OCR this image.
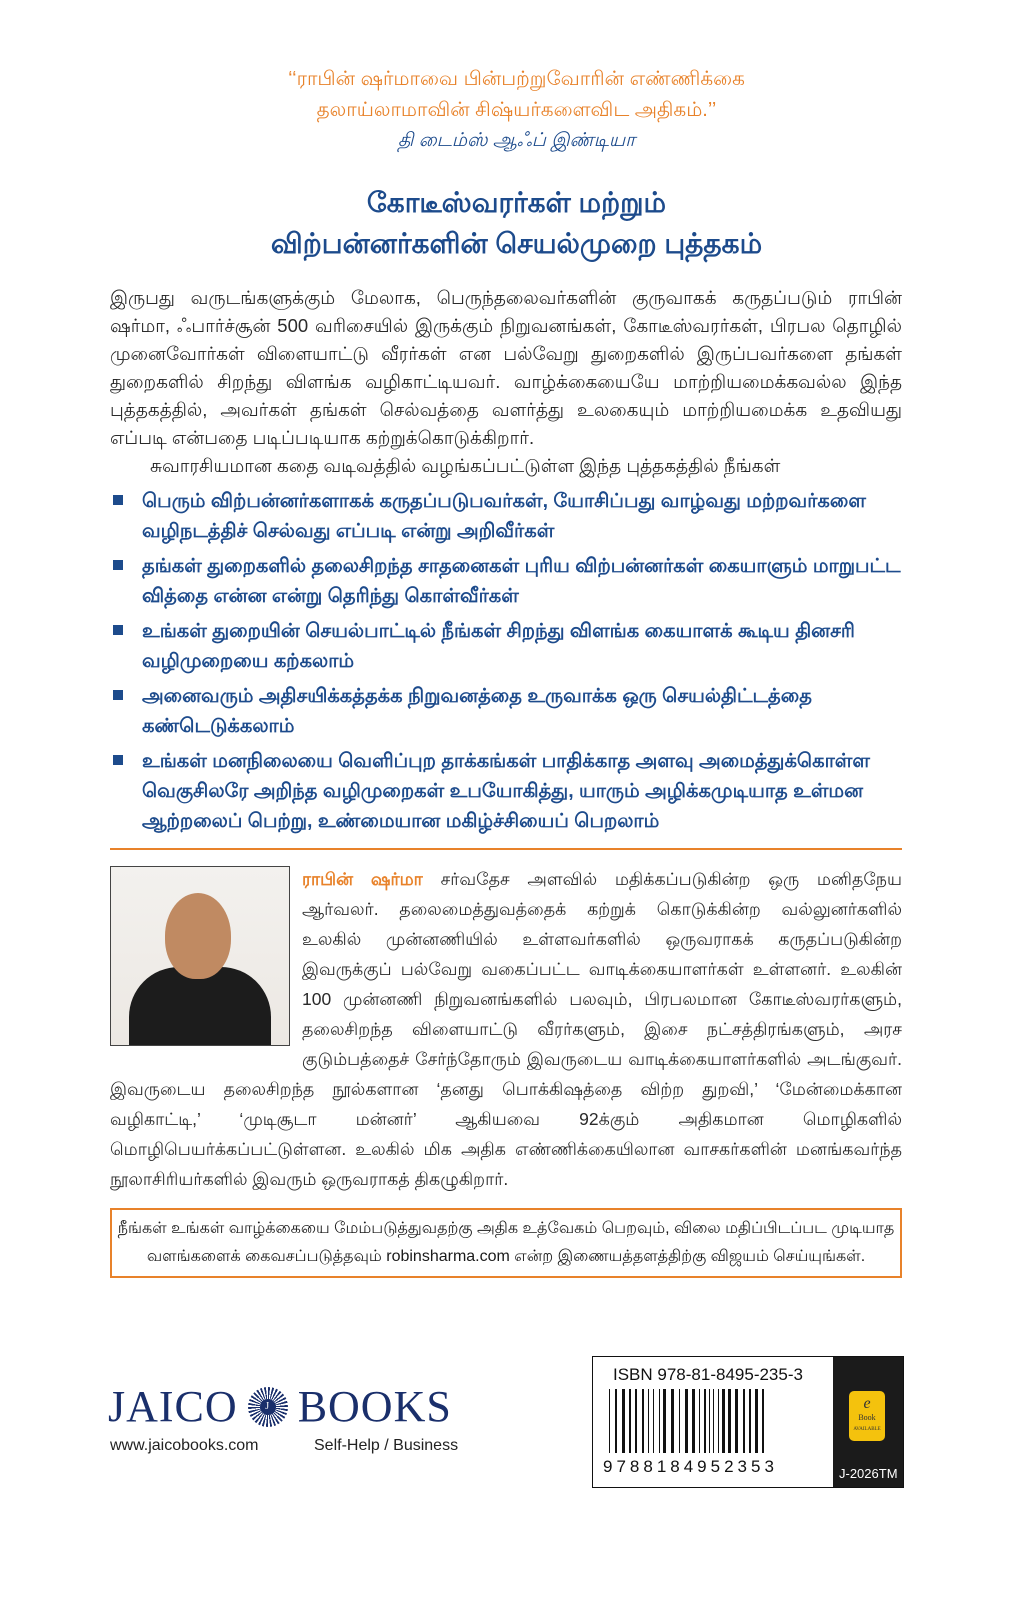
‘‘ராபின் ஷர்மாவை பின்பற்றுவோரின் எண்ணிக்கை
தலாய்லாமாவின் சிஷ்யர்களைவிட அதிகம்.’’
தி டைம்ஸ் ஆஃப் இண்டியா
கோடீஸ்வரர்கள் மற்றும்
விற்பன்னர்களின் செயல்முறை புத்தகம்

இருபது வருடங்களுக்கும் மேலாக, பெருந்தலைவர்களின் குருவாகக் கருதப்படும் ராபின் ஷர்மா, ஃபார்ச்சூன் 500 வரிசையில் இருக்கும் நிறுவனங்கள், கோடீஸ்வரர்கள், பிரபல தொழில் முனைவோர்கள் விளையாட்டு வீரர்கள் என பல்வேறு துறைகளில் இருப்பவர்களை தங்கள் துறைகளில் சிறந்து விளங்க வழிகாட்டியவர். வாழ்க்கையையே மாற்றியமைக்கவல்ல இந்த புத்தகத்தில், அவர்கள் தங்கள் செல்வத்தை வளர்த்து உலகையும் மாற்றியமைக்க உதவியது எப்படி என்பதை படிப்படியாக கற்றுக்கொடுக்கிறார்.

சுவாரசியமான கதை வடிவத்தில் வழங்கப்பட்டுள்ள இந்த புத்தகத்தில் நீங்கள்

பெரும் விற்பன்னர்களாகக் கருதப்படுபவர்கள், யோசிப்பது வாழ்வது மற்றவர்களை வழிநடத்திச் செல்வது எப்படி என்று அறிவீர்கள்
தங்கள் துறைகளில் தலைசிறந்த சாதனைகள் புரிய விற்பன்னர்கள் கையாளும் மாறுபட்ட வித்தை என்ன என்று தெரிந்து கொள்வீர்கள்
உங்கள் துறையின் செயல்பாட்டில் நீங்கள் சிறந்து விளங்க கையாளக் கூடிய தினசரி வழிமுறையை கற்கலாம்
அனைவரும் அதிசயிக்கத்தக்க நிறுவனத்தை உருவாக்க ஒரு செயல்திட்டத்தை கண்டெடுக்கலாம்
உங்கள் மனநிலையை வெளிப்புற தாக்கங்கள் பாதிக்காத அளவு அமைத்துக்கொள்ள வெகுசிலரே அறிந்த வழிமுறைகள் உபயோகித்து, யாரும் அழிக்கமுடியாத உள்மன ஆற்றலைப் பெற்று, உண்மையான மகிழ்ச்சியைப் பெறலாம்
ராபின் ஷர்மா சர்வதேச அளவில் மதிக்கப்படுகின்ற ஒரு மனிதநேய ஆர்வலர். தலைமைத்துவத்தைக் கற்றுக் கொடுக்கின்ற வல்லுனர்களில் உலகில் முன்னணியில் உள்ளவர்களில் ஒருவராகக் கருதப்படுகின்ற இவருக்குப் பல்வேறு வகைப்பட்ட வாடிக்கையாளர்கள் உள்ளனர். உலகின் 100 முன்னணி நிறுவனங்களில் பலவும், பிரபலமான கோடீஸ்வரர்களும், தலைசிறந்த விளையாட்டு வீரர்களும், இசை நட்சத்திரங்களும், அரச குடும்பத்தைச் சேர்ந்தோரும் இவருடைய வாடிக்கையாளர்களில் அடங்குவர். இவருடைய தலைசிறந்த நூல்களான ‘தனது பொக்கிஷத்தை விற்ற துறவி,’ ‘மேன்மைக்கான வழிகாட்டி,’ ‘முடிசூடா மன்னர்’ ஆகியவை 92க்கும் அதிகமான மொழிகளில் மொழிபெயர்க்கப்பட்டுள்ளன. உலகில் மிக அதிக எண்ணிக்கையிலான வாசகர்களின் மனங்கவர்ந்த நூலாசிரியர்களில் இவரும் ஒருவராகத் திகழுகிறார்.
நீங்கள் உங்கள் வாழ்க்கையை மேம்படுத்துவதற்கு அதிக உத்வேகம் பெறவும், விலை மதிப்பிடப்பட முடியாத
வளங்களைக் கைவசப்படுத்தவும் robinsharma.com என்ற இணையத்தளத்திற்கு விஜயம் செய்யுங்கள்.
JAICO	J BOOKS
www.jaicobooks.com	Self-Help / Business
ISBN 978-81-8495-235-3
9788184952353
e
Book
AVAILABLE
J-2026TM
